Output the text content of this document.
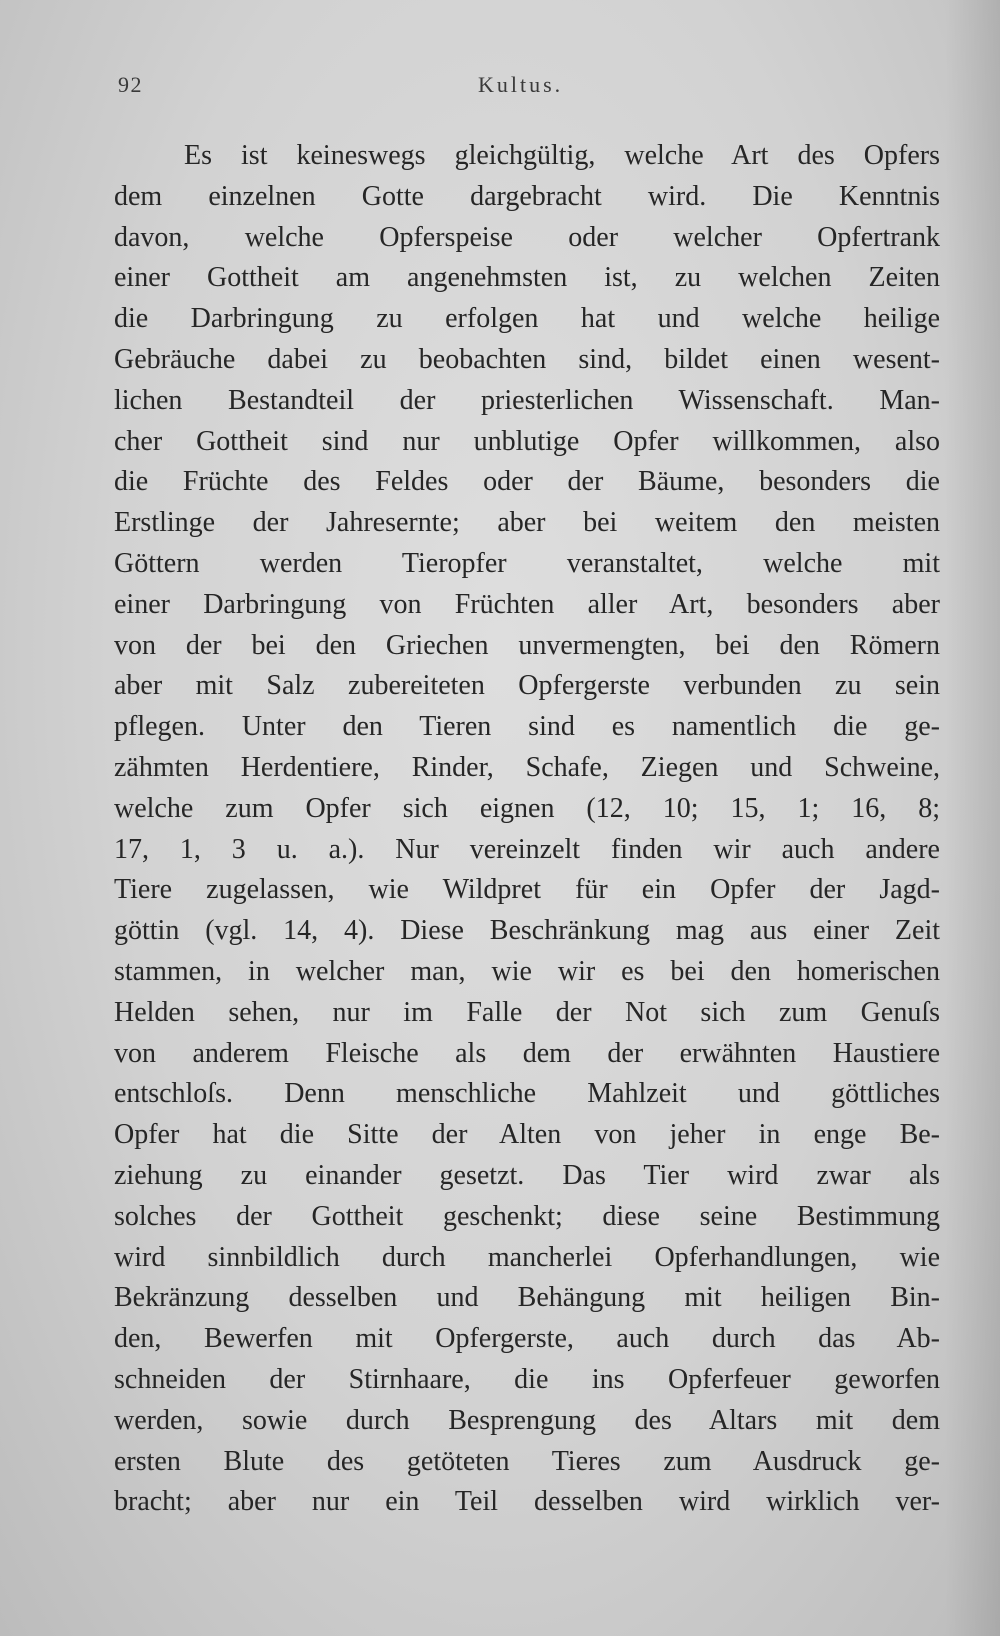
92	Kultus.
Es ist keineswegs gleichgültig, welche Art des Opfers
dem einzelnen Gotte dargebracht wird. Die Kenntnis
davon, welche Opferspeise oder welcher Opfertrank
einer Gottheit am angenehmsten ist, zu welchen Zeiten
die Darbringung zu erfolgen hat und welche heilige
Gebräuche dabei zu beobachten sind, bildet einen wesent-
lichen Bestandteil der priesterlichen Wissenschaft. Man-
cher Gottheit sind nur unblutige Opfer willkommen, also
die Früchte des Feldes oder der Bäume, besonders die
Erstlinge der Jahresernte; aber bei weitem den meisten
Göttern werden Tieropfer veranstaltet, welche mit
einer Darbringung von Früchten aller Art, besonders aber
von der bei den Griechen unvermengten, bei den Römern
aber mit Salz zubereiteten Opfergerste verbunden zu sein
pflegen. Unter den Tieren sind es namentlich die ge-
zähmten Herdentiere, Rinder, Schafe, Ziegen und Schweine,
welche zum Opfer sich eignen (12, 10; 15, 1; 16, 8;
17, 1, 3 u. a.). Nur vereinzelt finden wir auch andere
Tiere zugelassen, wie Wildpret für ein Opfer der Jagd-
göttin (vgl. 14, 4). Diese Beschränkung mag aus einer Zeit
stammen, in welcher man, wie wir es bei den homerischen
Helden sehen, nur im Falle der Not sich zum Genuſs
von anderem Fleische als dem der erwähnten Haustiere
entschloſs. Denn menschliche Mahlzeit und göttliches
Opfer hat die Sitte der Alten von jeher in enge Be-
ziehung zu einander gesetzt. Das Tier wird zwar als
solches der Gottheit geschenkt; diese seine Bestimmung
wird sinnbildlich durch mancherlei Opferhandlungen, wie
Bekränzung desselben und Behängung mit heiligen Bin-
den, Bewerfen mit Opfergerste, auch durch das Ab-
schneiden der Stirnhaare, die ins Opferfeuer geworfen
werden, sowie durch Besprengung des Altars mit dem
ersten Blute des getöteten Tieres zum Ausdruck ge-
bracht; aber nur ein Teil desselben wird wirklich ver-
